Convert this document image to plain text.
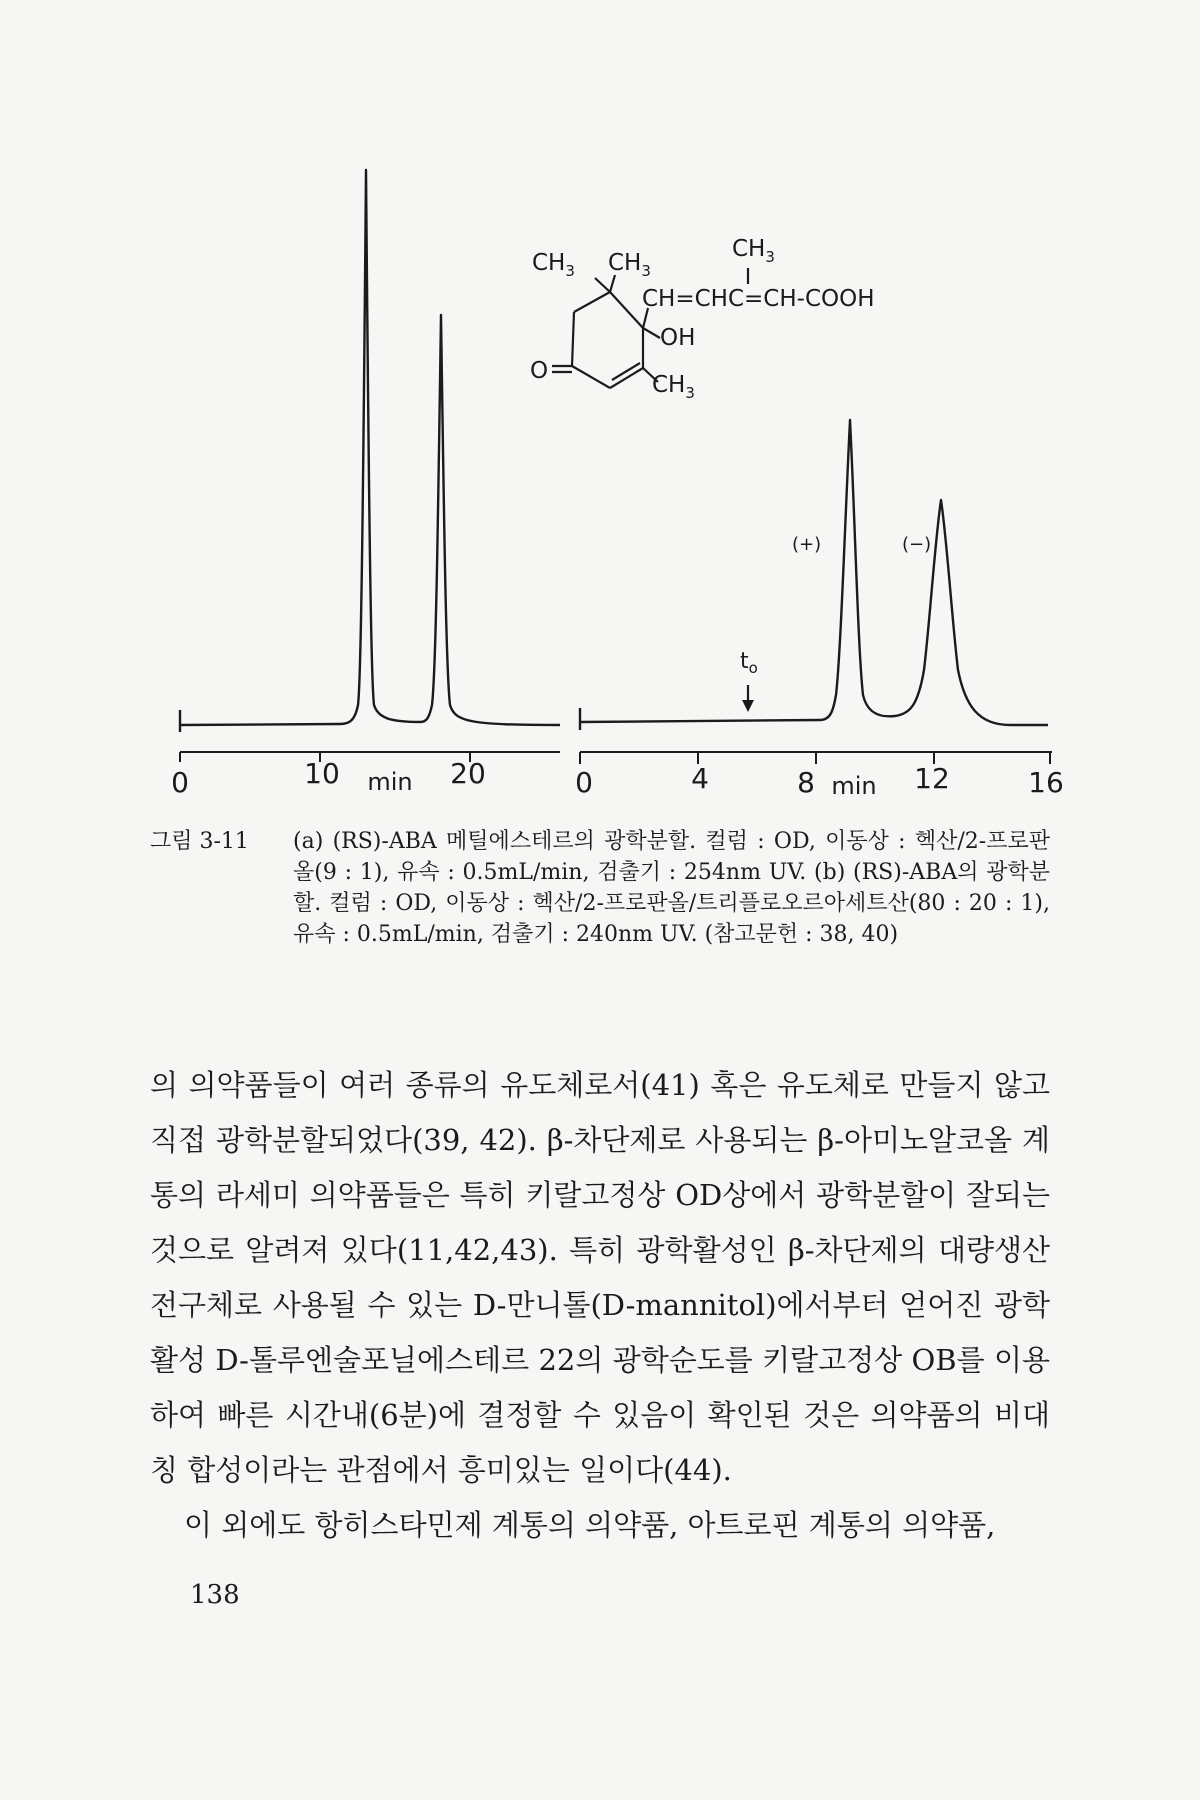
$t_o$
(+)	(−)
0	10	20
min	0	4	8	12	16
min
$CH_3$ $CH_3$
$CH_3$
CH=CHC=CH-COOH
OH
$CH_3$
O
그림 3-11	(a) (RS)-ABA 메틸에스테르의 광학분할. 컬럼 : OD, 이동상 : 헥산/2-프로판올(9 : 1), 유속 : 0.5mL/min, 검출기 : 254nm UV. (b) (RS)-ABA의 광학분할. 컬럼 : OD, 이동상 : 헥산/2-프로판올/트리플로오르아세트산(80 : 20 : 1), 유속 : 0.5mL/min, 검출기 : 240nm UV. (참고문헌 : 38, 40)

의 의약품들이 여러 종류의 유도체로서(41) 혹은 유도체로 만들지 않고 직접 광학분할되었다(39, 42). β-차단제로 사용되는 β-아미노알코올 계통의 라세미 의약품들은 특히 키랄고정상 OD상에서 광학분할이 잘되는 것으로 알려져 있다(11,42,43). 특히 광학활성인 β-차단제의 대량생산 전구체로 사용될 수 있는 D-만니톨(D-mannitol)에서부터 얻어진 광학활성 D-톨루엔술포닐에스테르 22의 광학순도를 키랄고정상 OB를 이용하여 빠른 시간내(6분)에 결정할 수 있음이 확인된 것은 의약품의 비대칭 합성이라는 관점에서 흥미있는 일이다(44).

이 외에도 항히스타민제 계통의 의약품, 아트로핀 계통의 의약품,

138
